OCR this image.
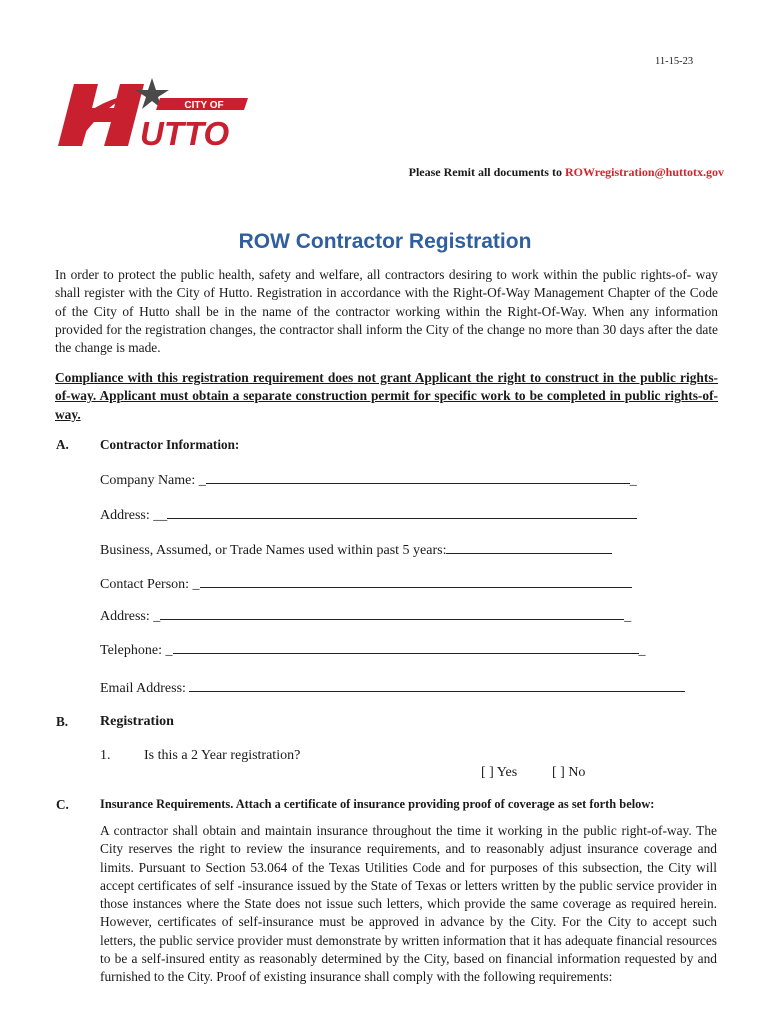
11-15-23
CITY OF
UTTO
Please Remit all documents to ROWregistration@huttotx.gov
ROW Contractor Registration
In order to protect the public health, safety and welfare, all contractors desiring to work within the public rights-of- way shall register with the City of Hutto. Registration in accordance with the Right-Of-Way Management Chapter of the Code of the City of Hutto shall be in the name of the contractor working within the Right-Of-Way. When any information provided for the registration changes, the contractor shall inform the City of the change no more than 30 days after the date the change is made.
Compliance with this registration requirement does not grant Applicant the right to construct in the public rights- of-way. Applicant must obtain a separate construction permit for specific work to be completed in public rights-of-way.
A. Contractor Information:
Company Name: _	_
Address: __
Business, Assumed, or Trade Names used within past 5 years:
Contact Person: _
Address: _	_
Telephone: _	_
Email Address:
B. Registration
1. Is this a 2 Year registration?
[ ] Yes [ ] No
C.	Insurance Requirements. Attach a certificate of insurance providing proof of coverage as set forth below:
A contractor shall obtain and maintain insurance throughout the time it working in the public right-of-way. The City reserves the right to review the insurance requirements, and to reasonably adjust insurance coverage and limits. Pursuant to Section 53.064 of the Texas Utilities Code and for purposes of this subsection, the City will accept certificates of self -insurance issued by the State of Texas or letters written by the public service provider in those instances where the State does not issue such letters, which provide the same coverage as required herein. However, certificates of self-insurance must be approved in advance by the City. For the City to accept such letters, the public service provider must demonstrate by written information that it has adequate financial resources to be a self-insured entity as reasonably determined by the City, based on financial information requested by and furnished to the City. Proof of existing insurance shall comply with the following requirements:
